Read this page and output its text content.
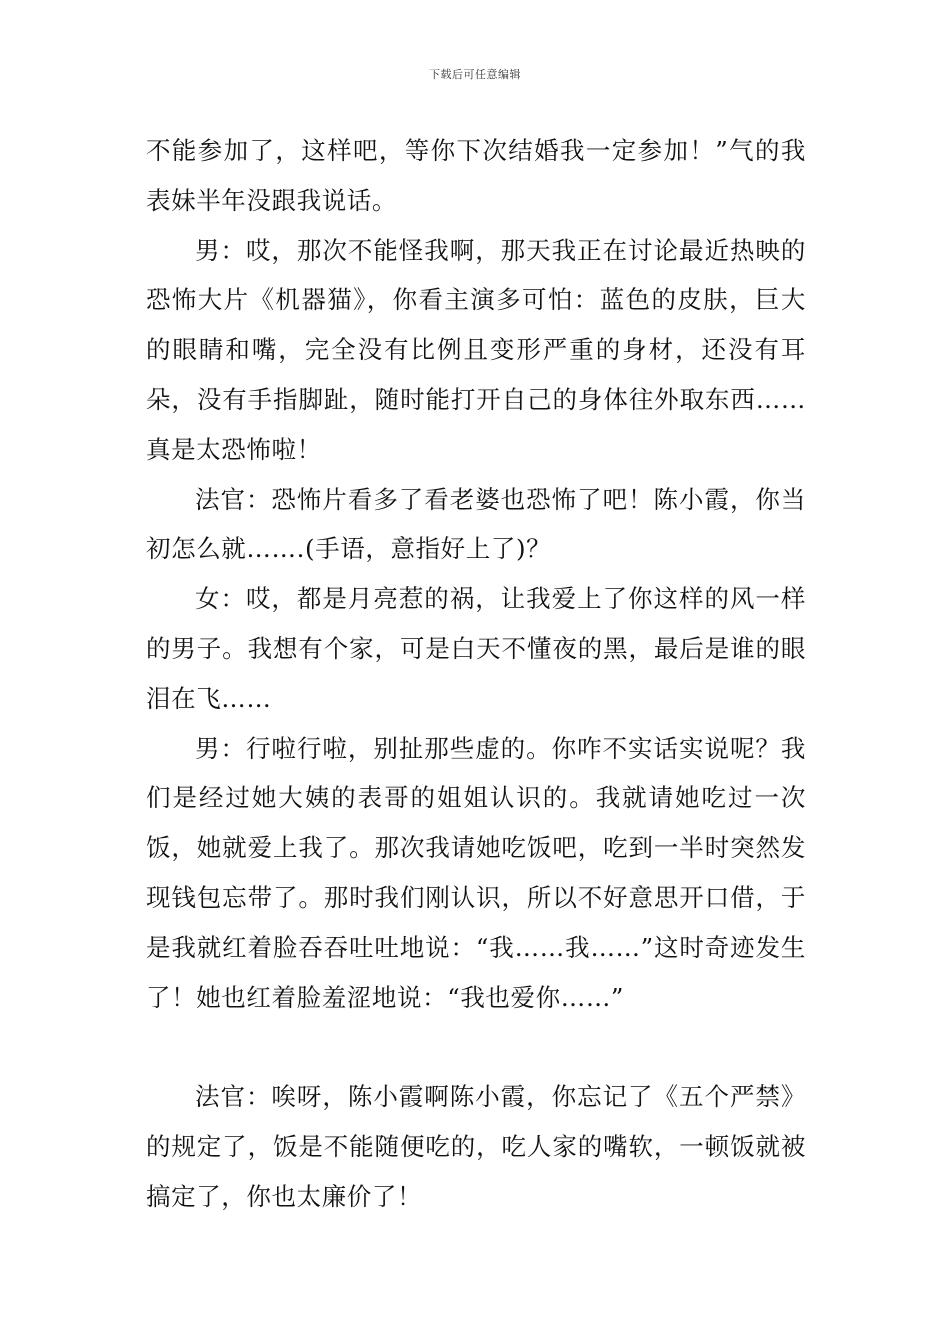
下载后可任意编辑

不能参加了，这样吧，等你下次结婚我一定参加！”气的我表妹半年没跟我说话。

男：哎，那次不能怪我啊，那天我正在讨论最近热映的恐怖大片《机器猫》，你看主演多可怕：蓝色的皮肤，巨大的眼睛和嘴，完全没有比例且变形严重的身材，还没有耳朵，没有手指脚趾，随时能打开自己的身体往外取东西……真是太恐怖啦！

法官：恐怖片看多了看老婆也恐怖了吧！陈小霞，你当初怎么就…….(手语，意指好上了)？

女：哎，都是月亮惹的祸，让我爱上了你这样的风一样的男子。我想有个家，可是白天不懂夜的黑，最后是谁的眼泪在飞……

男：行啦行啦，别扯那些虚的。你咋不实话实说呢？我们是经过她大姨的表哥的姐姐认识的。我就请她吃过一次饭，她就爱上我了。那次我请她吃饭吧，吃到一半时突然发现钱包忘带了。那时我们刚认识，所以不好意思开口借，于是我就红着脸吞吞吐吐地说：“我……我……”这时奇迹发生了！她也红着脸羞涩地说：“我也爱你……”

法官：唉呀，陈小霞啊陈小霞，你忘记了《五个严禁》的规定了，饭是不能随便吃的，吃人家的嘴软，一顿饭就被搞定了，你也太廉价了！
